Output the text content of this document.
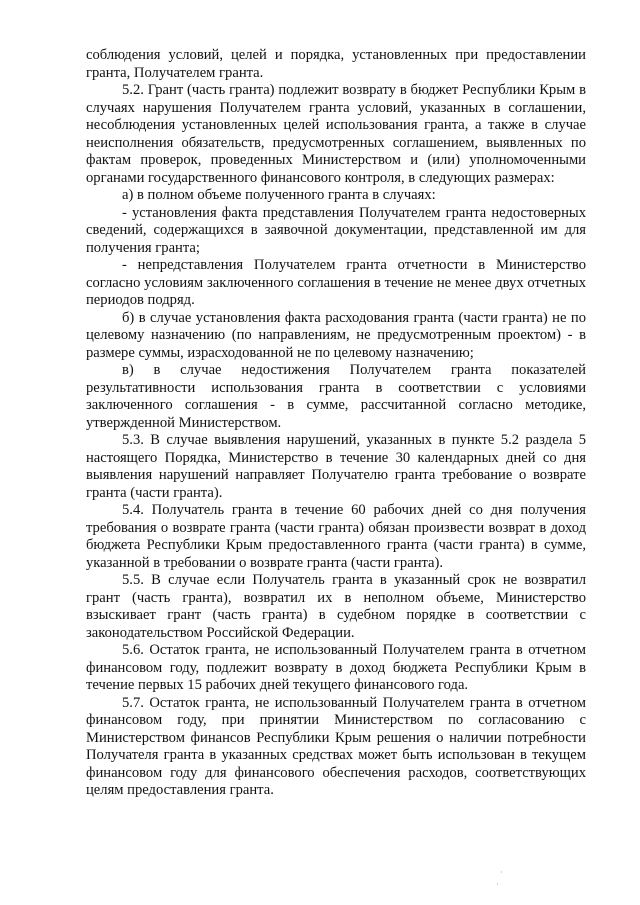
соблюдения условий, целей и порядка, установленных при предоставлении гранта, Получателем гранта.

5.2. Грант (часть гранта) подлежит возврату в бюджет Республики Крым в случаях нарушения Получателем гранта условий, указанных в соглашении, несоблюдения установленных целей использования гранта, а также в случае неисполнения обязательств, предусмотренных соглашением, выявленных по фактам проверок, проведенных Министерством и (или) уполномоченными органами государственного финансового контроля, в следующих размерах:

а) в полном объеме полученного гранта в случаях:

- установления факта представления Получателем гранта недостоверных сведений, содержащихся в заявочной документации, представленной им для получения гранта;

- непредставления Получателем гранта отчетности в Министерство согласно условиям заключенного соглашения в течение не менее двух отчетных периодов подряд.

б) в случае установления факта расходования гранта (части гранта) не по целевому назначению (по направлениям, не предусмотренным проектом) - в размере суммы, израсходованной не по целевому назначению;

в) в случае недостижения Получателем гранта показателей результативности использования гранта в соответствии с условиями заключенного соглашения - в сумме, рассчитанной согласно методике, утвержденной Министерством.

5.3. В случае выявления нарушений, указанных в пункте 5.2 раздела 5 настоящего Порядка, Министерство в течение 30 календарных дней со дня выявления нарушений направляет Получателю гранта требование о возврате гранта (части гранта).

5.4. Получатель гранта в течение 60 рабочих дней со дня получения требования о возврате гранта (части гранта) обязан произвести возврат в доход бюджета Республики Крым предоставленного гранта (части гранта) в сумме, указанной в требовании о возврате гранта (части гранта).

5.5. В случае если Получатель гранта в указанный срок не возвратил грант (часть гранта), возвратил их в неполном объеме, Министерство взыскивает грант (часть гранта) в судебном порядке в соответствии с законодательством Российской Федерации.

5.6. Остаток гранта, не использованный Получателем гранта в отчетном финансовом году, подлежит возврату в доход бюджета Республики Крым в течение первых 15 рабочих дней текущего финансового года.

5.7. Остаток гранта, не использованный Получателем гранта в отчетном финансовом году, при принятии Министерством по согласованию с Министерством финансов Республики Крым решения о наличии потребности Получателя гранта в указанных средствах может быть использован в текущем финансовом году для финансового обеспечения расходов, соответствующих целям предоставления гранта.

·
·
